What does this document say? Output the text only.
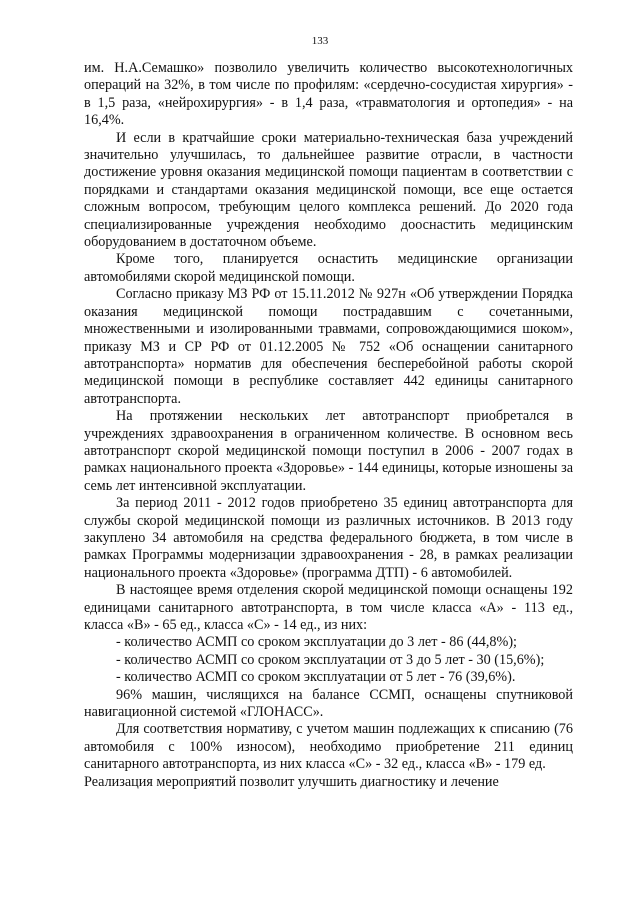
133

им. Н.А.Семашко» позволило увеличить количество высокотехнологичных операций на 32%, в том числе по профилям: «сердечно-сосудистая хирургия» - в 1,5 раза, «нейрохирургия» - в 1,4 раза, «травматология и ортопедия» - на 16,4%.

И если в кратчайшие сроки материально-техническая база учреждений значительно улучшилась, то дальнейшее развитие отрасли, в частности достижение уровня оказания медицинской помощи пациентам в соответствии с порядками и стандартами оказания медицинской помощи, все еще остается сложным вопросом, требующим целого комплекса решений. До 2020 года специализированные учреждения необходимо дооснастить медицинским оборудованием в достаточном объеме.

Кроме того, планируется оснастить медицинские организации автомобилями скорой медицинской помощи.

Согласно приказу МЗ РФ от 15.11.2012 № 927н «Об утверждении Порядка оказания медицинской помощи пострадавшим с сочетанными, множественными и изолированными травмами, сопровождающимися шоком», приказу МЗ и СР РФ от 01.12.2005 № 752 «Об оснащении санитарного автотранспорта» норматив для обеспечения бесперебойной работы скорой медицинской помощи в республике составляет 442 единицы санитарного автотранспорта.

На протяжении нескольких лет автотранспорт приобретался в учреждениях здравоохранения в ограниченном количестве. В основном весь автотранспорт скорой медицинской помощи поступил в 2006 - 2007 годах в рамках национального проекта «Здоровье» - 144 единицы, которые изношены за семь лет интенсивной эксплуатации.

За период 2011 - 2012 годов приобретено 35 единиц автотранспорта для службы скорой медицинской помощи из различных источников. В 2013 году закуплено 34 автомобиля на средства федерального бюджета, в том числе в рамках Программы модернизации здравоохранения - 28, в рамках реализации национального проекта «Здоровье» (программа ДТП) - 6 автомобилей.

В настоящее время отделения скорой медицинской помощи оснащены 192 единицами санитарного автотранспорта, в том числе класса «А» - 113 ед., класса «В» - 65 ед., класса «С» - 14 ед., из них:

- количество АСМП со сроком эксплуатации до 3 лет - 86 (44,8%);

- количество АСМП со сроком эксплуатации от 3 до 5 лет - 30 (15,6%);

- количество АСМП со сроком эксплуатации от 5 лет - 76 (39,6%).

96% машин, числящихся на балансе ССМП, оснащены спутниковой навигационной системой «ГЛОНАСС».

Для соответствия нормативу, с учетом машин подлежащих к списанию (76 автомобиля с 100% износом), необходимо приобретение 211 единиц санитарного автотранспорта, из них класса «С» - 32 ед., класса «В» - 179 ед.

Реализация мероприятий позволит улучшить диагностику и лечение
